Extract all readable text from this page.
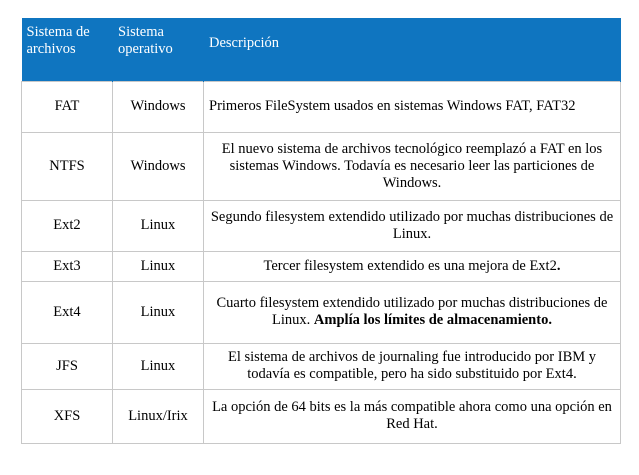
Sistema de archivos	Sistema operativo	Descripción
FAT	Windows	Primeros FileSystem usados en sistemas Windows FAT, FAT32
NTFS	Windows	El nuevo sistema de archivos tecnológico reemplazó a FAT en los sistemas Windows. Todavía es necesario leer las particiones de Windows.
Ext2	Linux	Segundo filesystem extendido utilizado por muchas distribuciones de Linux.
Ext3	Linux	Tercer filesystem extendido es una mejora de Ext2.
Ext4	Linux	Cuarto filesystem extendido utilizado por muchas distribuciones de Linux. Amplía los límites de almacenamiento.
JFS	Linux	El sistema de archivos de journaling fue introducido por IBM y todavía es compatible, pero ha sido substituido por Ext4.
XFS	Linux/Irix	La opción de 64 bits es la más compatible ahora como una opción en Red Hat.
